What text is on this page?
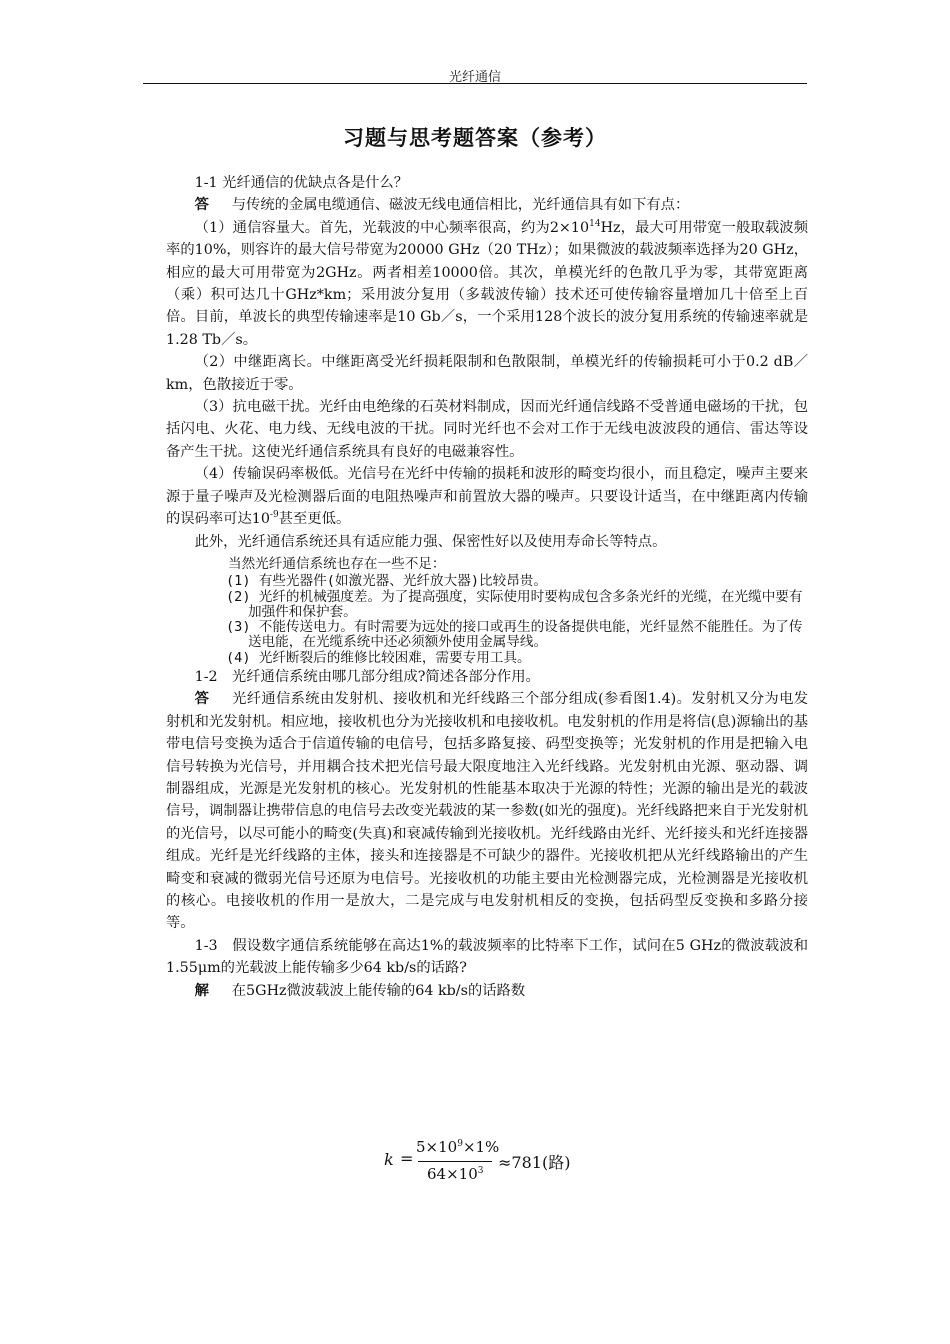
光纤通信
习题与思考题答案（参考）

1-1 光纤通信的优缺点各是什么？

答 与传统的金属电缆通信、磁波无线电通信相比，光纤通信具有如下有点：

（1）通信容量大。首先，光载波的中心频率很高，约为$2\times 10^{14}Hz$，最大可用带宽一般取载波频率的10%，则容许的最大信号带宽为20000 GHz（20 THz）；如果微波的载波频率选择为20 GHz，相应的最大可用带宽为2GHz。两者相差10000倍。其次，单模光纤的色散几乎为零，其带宽距离（乘）积可达几十GHz*km；采用波分复用（多载波传输）技术还可使传输容量增加几十倍至上百倍。目前，单波长的典型传输速率是10 Gb／s，一个采用128个波长的波分复用系统的传输速率就是1.28 Tb／s。

（2）中继距离长。中继距离受光纤损耗限制和色散限制，单模光纤的传输损耗可小于0.2 dB／km，色散接近于零。

（3）抗电磁干扰。光纤由电绝缘的石英材料制成，因而光纤通信线路不受普通电磁场的干扰，包括闪电、火花、电力线、无线电波的干扰。同时光纤也不会对工作于无线电波波段的通信、雷达等设备产生干扰。这使光纤通信系统具有良好的电磁兼容性。

（4）传输误码率极低。光信号在光纤中传输的损耗和波形的畸变均很小，而且稳定，噪声主要来源于量子噪声及光检测器后面的电阻热噪声和前置放大器的噪声。只要设计适当，在中继距离内传输的误码率可达$10^{-9}$甚至更低。

此外，光纤通信系统还具有适应能力强、保密性好以及使用寿命长等特点。

当然光纤通信系统也存在一些不足：
(1) 有些光器件(如激光器、光纤放大器)比较昂贵。
(2) 光纤的机械强度差。为了提高强度，实际使用时要构成包含多条光纤的光缆，在光缆中要有加强件和保护套。
(3) 不能传送电力。有时需要为远处的接口或再生的设备提供电能，光纤显然不能胜任。为了传送电能，在光缆系统中还必须额外使用金属导线。
(4) 光纤断裂后的维修比较困难，需要专用工具。

1-2　光纤通信系统由哪几部分组成?简述各部分作用。

答 光纤通信系统由发射机、接收机和光纤线路三个部分组成(参看图1.4)。发射机又分为电发射机和光发射机。相应地，接收机也分为光接收机和电接收机。电发射机的作用是将信(息)源输出的基带电信号变换为适合于信道传输的电信号，包括多路复接、码型变换等；光发射机的作用是把输入电信号转换为光信号，并用耦合技术把光信号最大限度地注入光纤线路。光发射机由光源、驱动器、调制器组成，光源是光发射机的核心。光发射机的性能基本取决于光源的特性；光源的输出是光的载波信号，调制器让携带信息的电信号去改变光载波的某一参数(如光的强度)。光纤线路把来自于光发射机的光信号，以尽可能小的畸变(失真)和衰减传输到光接收机。光纤线路由光纤、光纤接头和光纤连接器组成。光纤是光纤线路的主体，接头和连接器是不可缺少的器件。光接收机把从光纤线路输出的产生畸变和衰减的微弱光信号还原为电信号。光接收机的功能主要由光检测器完成，光检测器是光接收机的核心。电接收机的作用一是放大，二是完成与电发射机相反的变换，包括码型反变换和多路分接等。

1-3　假设数字通信系统能够在高达1%的载波频率的比特率下工作，试问在5 GHz的微波载波和1.55μm的光载波上能传输多少64 kb/s的话路?

解 在5GHz微波载波上能传输的64 kb/s的话路数

k =
$5\times 10^9\times 1\%$
$64\times 10^3 \approx 781$(路)
